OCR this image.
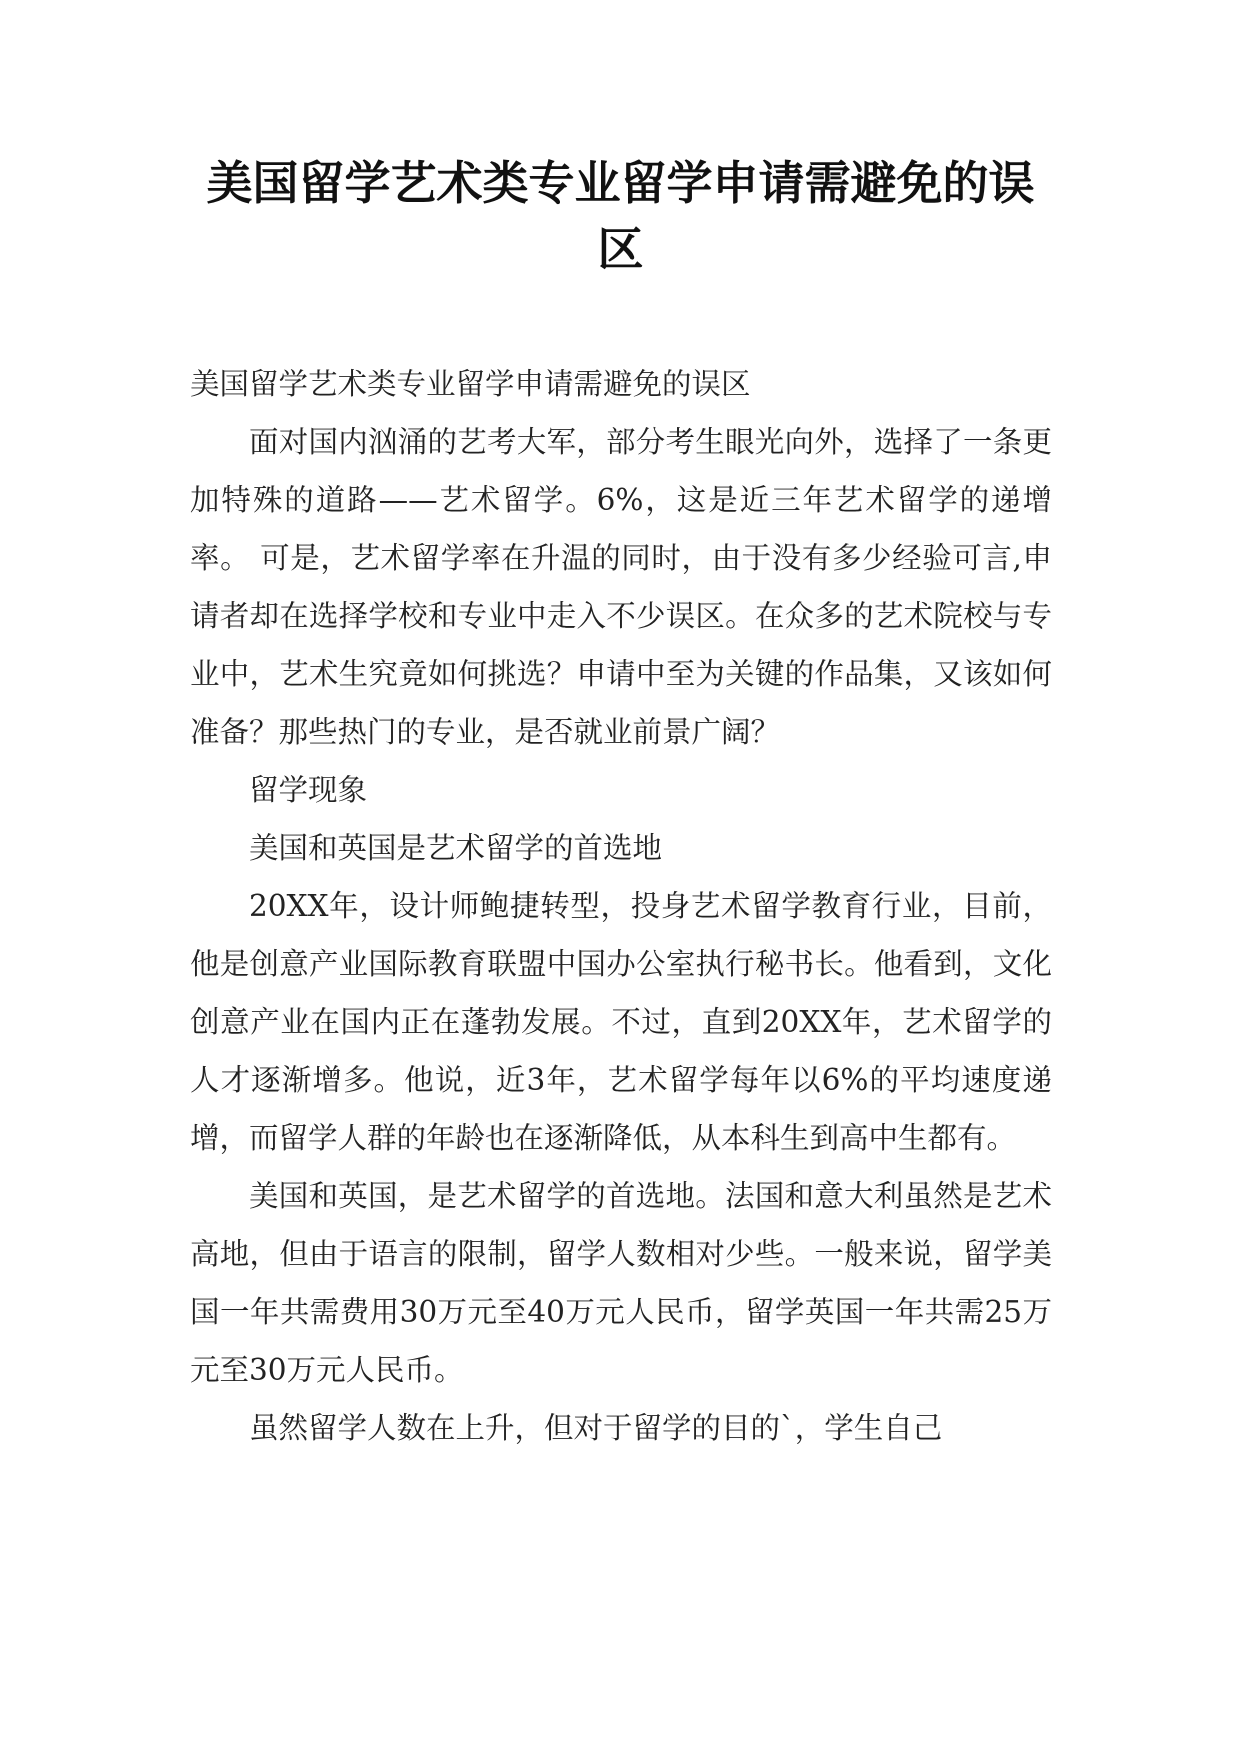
美国留学艺术类专业留学申请需避免的误区

美国留学艺术类专业留学申请需避免的误区

面对国内汹涌的艺考大军，部分考生眼光向外，选择了一条更加特殊的道路——艺术留学。6%，这是近三年艺术留学的递增率。 可是，艺术留学率在升温的同时，由于没有多少经验可言,申请者却在选择学校和专业中走入不少误区。在众多的艺术院校与专业中，艺术生究竟如何挑选？申请中至为关键的作品集，又该如何准备？那些热门的专业，是否就业前景广阔？

留学现象

美国和英国是艺术留学的首选地

20XX年，设计师鲍捷转型，投身艺术留学教育行业，目前，他是创意产业国际教育联盟中国办公室执行秘书长。他看到，文化创意产业在国内正在蓬勃发展。不过，直到20XX年，艺术留学的人才逐渐增多。他说，近3年，艺术留学每年以6%的平均速度递增，而留学人群的年龄也在逐渐降低，从本科生到高中生都有。

美国和英国，是艺术留学的首选地。法国和意大利虽然是艺术高地，但由于语言的限制，留学人数相对少些。一般来说，留学美国一年共需费用30万元至40万元人民币，留学英国一年共需25万元至30万元人民币。

虽然留学人数在上升，但对于留学的目的`，学生自己
